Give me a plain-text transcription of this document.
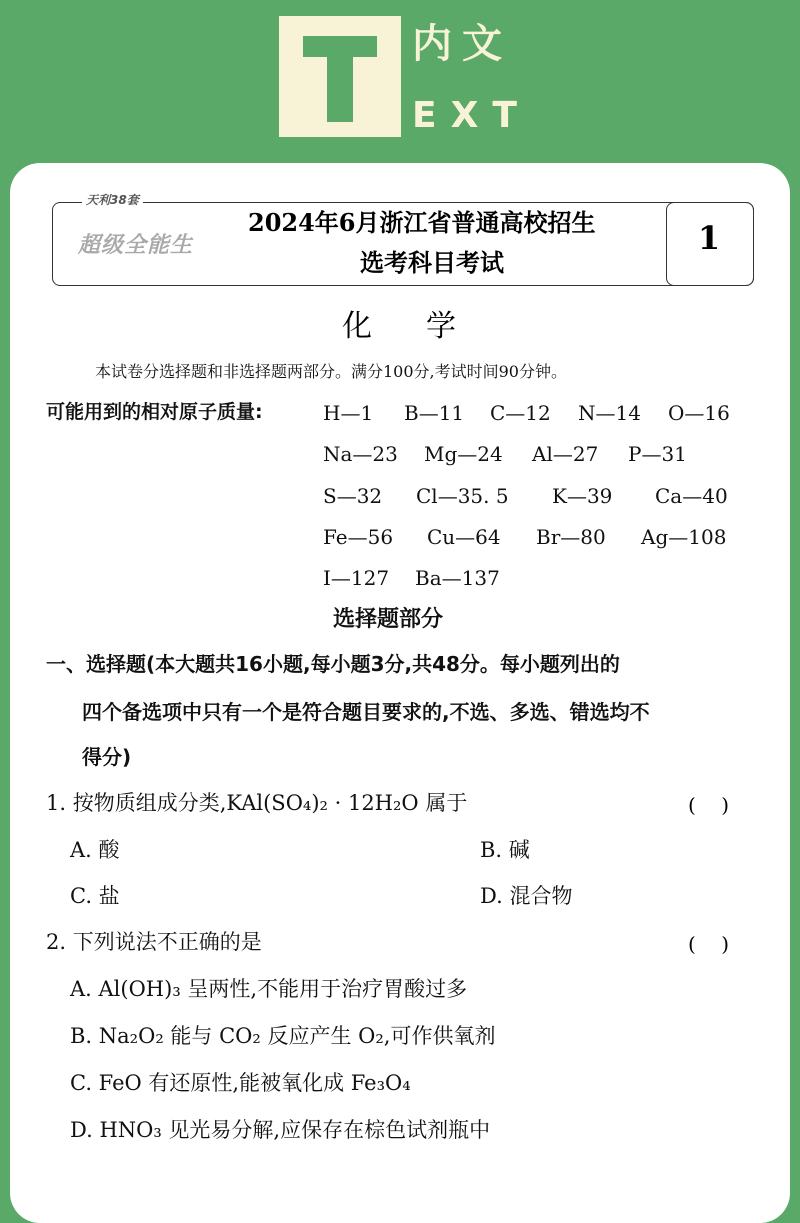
内文
EXT
1
天利38套
超级全能生
2024年6月浙江省普通高校招生
选考科目考试
化学
本试卷分选择题和非选择题两部分。满分100分,考试时间90分钟。
可能用到的相对原子质量:	H—1 B—11 C—12 N—14 O—16
Na—23 Mg—24 Al—27 P—31
S—32 Cl—35. 5 K—39 Ca—40
Fe—56 Cu—64 Br—80 Ag—108
I—127 Ba—137
选择题部分
一、选择题(本大题共16小题,每小题3分,共48分。每小题列出的
四个备选项中只有一个是符合题目要求的,不选、多选、错选均不
得分)
1. 按物质组成分类,KAl(SO₄)₂ · 12H₂O 属于	(    )
A. 酸	B. 碱
C. 盐	D. 混合物
2. 下列说法不正确的是	(    )
A. Al(OH)₃ 呈两性,不能用于治疗胃酸过多
B. Na₂O₂ 能与 CO₂ 反应产生 O₂,可作供氧剂
C. FeO 有还原性,能被氧化成 Fe₃O₄
D. HNO₃ 见光易分解,应保存在棕色试剂瓶中
